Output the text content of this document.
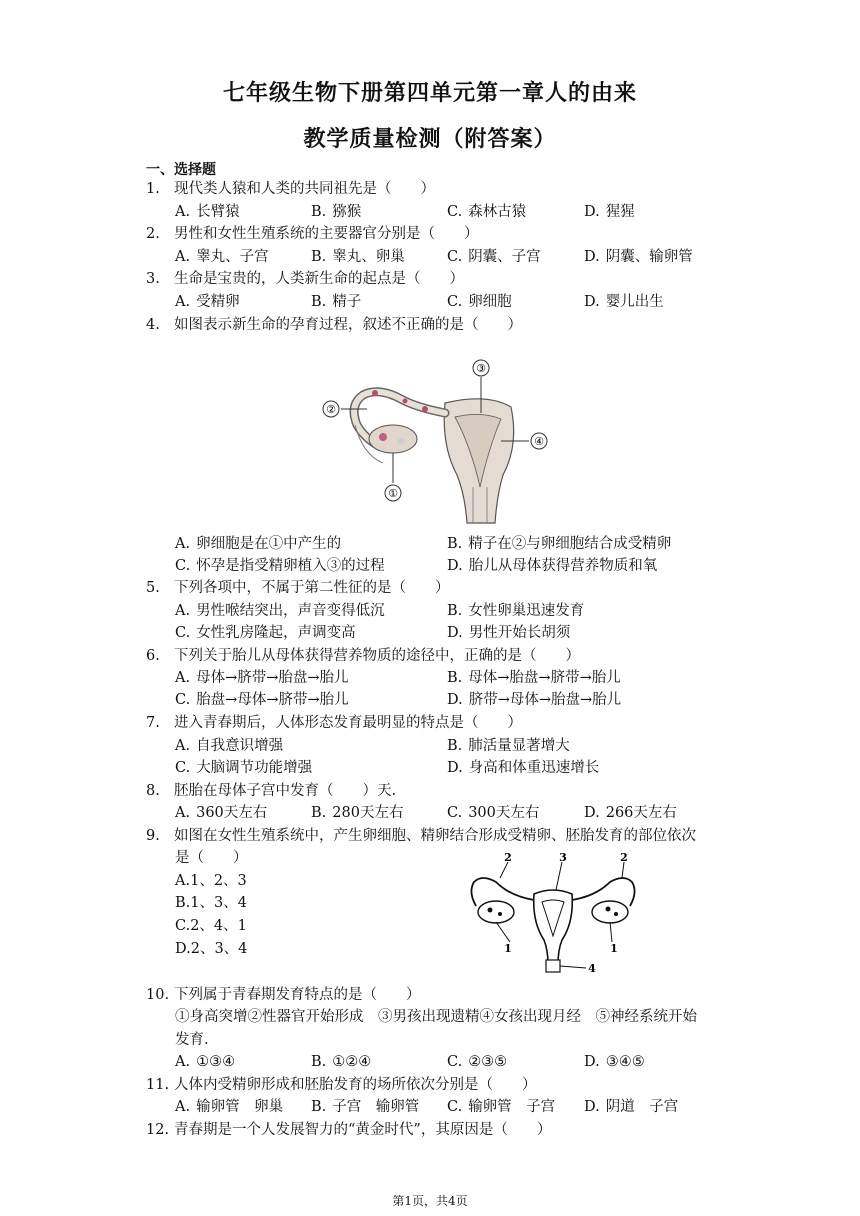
七年级生物下册第四单元第一章人的由来
教学质量检测（附答案）
一、选择题
1. 现代类人猿和人类的共同祖先是（　　）
A. 长臂猿	B. 猕猴	C. 森林古猿	D. 猩猩
2. 男性和女性生殖系统的主要器官分别是（　　）
A. 睾丸、子宫	B. 睾丸、卵巢	C. 阴囊、子宫	D. 阴囊、输卵管
3. 生命是宝贵的，人类新生命的起点是（　　）
A. 受精卵	B. 精子	C. 卵细胞	D. 婴儿出生
4. 如图表示新生命的孕育过程，叙述不正确的是（　　）
①
②
③
④
A. 卵细胞是在①中产生的	B. 精子在②与卵细胞结合成受精卵
C. 怀孕是指受精卵植入③的过程	D. 胎儿从母体获得营养物质和氧
5. 下列各项中，不属于第二性征的是（　　）
A. 男性喉结突出，声音变得低沉	B. 女性卵巢迅速发育
C. 女性乳房隆起，声调变高	D. 男性开始长胡须
6. 下列关于胎儿从母体获得营养物质的途径中，正确的是（　　）
A. 母体→脐带→胎盘→胎儿	B. 母体→胎盘→脐带→胎儿
C. 胎盘→母体→脐带→胎儿	D. 脐带→母体→胎盘→胎儿
7. 进入青春期后，人体形态发育最明显的特点是（　　）
A. 自我意识增强	B. 肺活量显著增大
C. 大脑调节功能增强	D. 身高和体重迅速增长
8. 胚胎在母体子宫中发育（　　）天.
A. 360天左右	B. 280天左右	C. 300天左右	D. 266天左右
9. 如图在女性生殖系统中，产生卵细胞、精卵结合形成受精卵、胚胎发育的部位依次
是（　　）
A.1、2、3
B.1、3、4
C.2、4、1
D.2、3、4	1	1
2	2
3
4
10. 下列属于青春期发育特点的是（　　）
①身高突增②性器官开始形成　③男孩出现遗精④女孩出现月经　⑤神经系统开始
发育.
A. ①③④	B. ①②④	C. ②③⑤	D. ③④⑤
11. 人体内受精卵形成和胚胎发育的场所依次分别是（　　）
A. 输卵管　卵巢 B. 子宫　输卵管 C. 输卵管　子宫 D. 阴道　子宫
12. 青春期是一个人发展智力的“黄金时代”，其原因是（　　）
第1页，共4页
